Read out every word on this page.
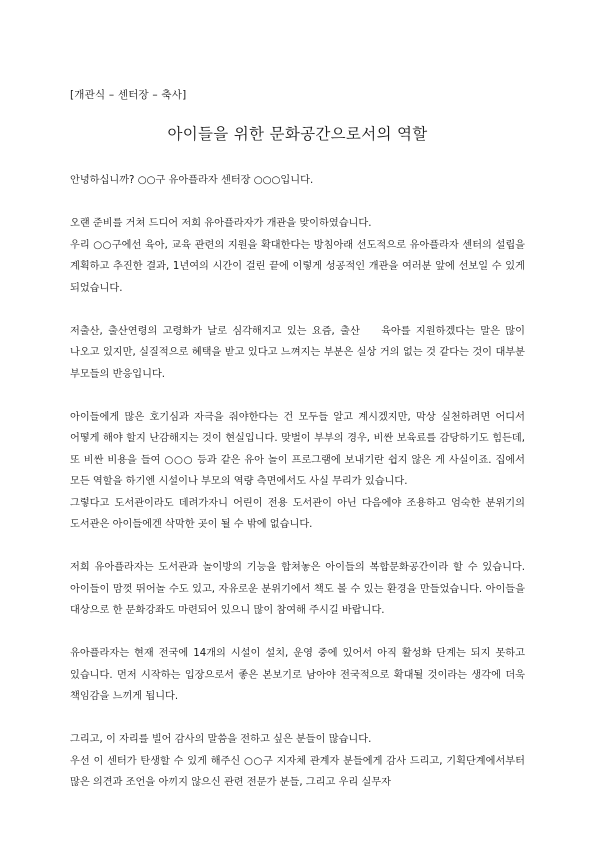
[개관식 – 센터장 – 축사]

아이들을 위한 문화공간으로서의 역할

안녕하십니까? ○○구 유아플라자 센터장 ○○○입니다.

오랜 준비를 거쳐 드디어 저희 유아플라자가 개관을 맞이하였습니다.

우리 ○○구에선 육아, 교육 관련의 지원을 확대한다는 방침아래 선도적으로 유아플라자 센터의 설립을 계획하고 추진한 결과, 1년여의 시간이 걸린 끝에 이렇게 성공적인 개관을 여러분 앞에 선보일 수 있게 되었습니다.

저출산, 출산연령의 고령화가 날로 심각해지고 있는 요즘, 출산    육아를 지원하겠다는 말은 많이 나오고 있지만, 실질적으로 혜택을 받고 있다고 느껴지는 부분은 실상 거의 없는 것 같다는 것이 대부분 부모들의 반응입니다.

아이들에게 많은 호기심과 자극을 줘야한다는 건 모두들 알고 계시겠지만, 막상 실천하려면 어디서 어떻게 해야 할지 난감해지는 것이 현실입니다. 맞벌이 부부의 경우, 비싼 보육료를 감당하기도 힘든데, 또 비싼 비용을 들여 ○○○ 등과 같은 유아 놀이 프로그램에 보내기란 쉽지 않은 게 사실이죠. 집에서 모든 역할을 하기엔 시설이나 부모의 역량 측면에서도 사실 무리가 있습니다.

그렇다고 도서관이라도 데려가자니 어린이 전용 도서관이 아닌 다음에야 조용하고 엄숙한 분위기의 도서관은 아이들에겐 삭막한 곳이 될 수 밖에 없습니다.

저희 유아플라자는 도서관과 놀이방의 기능을 합쳐놓은 아이들의 복합문화공간이라 할 수 있습니다. 아이들이 맘껏 뛰어놀 수도 있고, 자유로운 분위기에서 책도 볼 수 있는 환경을 만들었습니다. 아이들을 대상으로 한 문화강좌도 마련되어 있으니 많이 참여해 주시길 바랍니다.

유아플라자는 현재 전국에 14개의 시설이 설치, 운영 중에 있어서 아직 활성화 단계는 되지 못하고 있습니다. 먼저 시작하는 입장으로서 좋은 본보기로 남아야 전국적으로 확대될 것이라는 생각에 더욱 책임감을 느끼게 됩니다.

그리고, 이 자리를 빌어 감사의 말씀을 전하고 싶은 분들이 많습니다.

우선 이 센터가 탄생할 수 있게 해주신 ○○구 지자체 관계자 분들에게 감사 드리고, 기획단계에서부터 많은 의견과 조언을 아끼지 않으신 관련 전문가 분들, 그리고 우리 실무자
